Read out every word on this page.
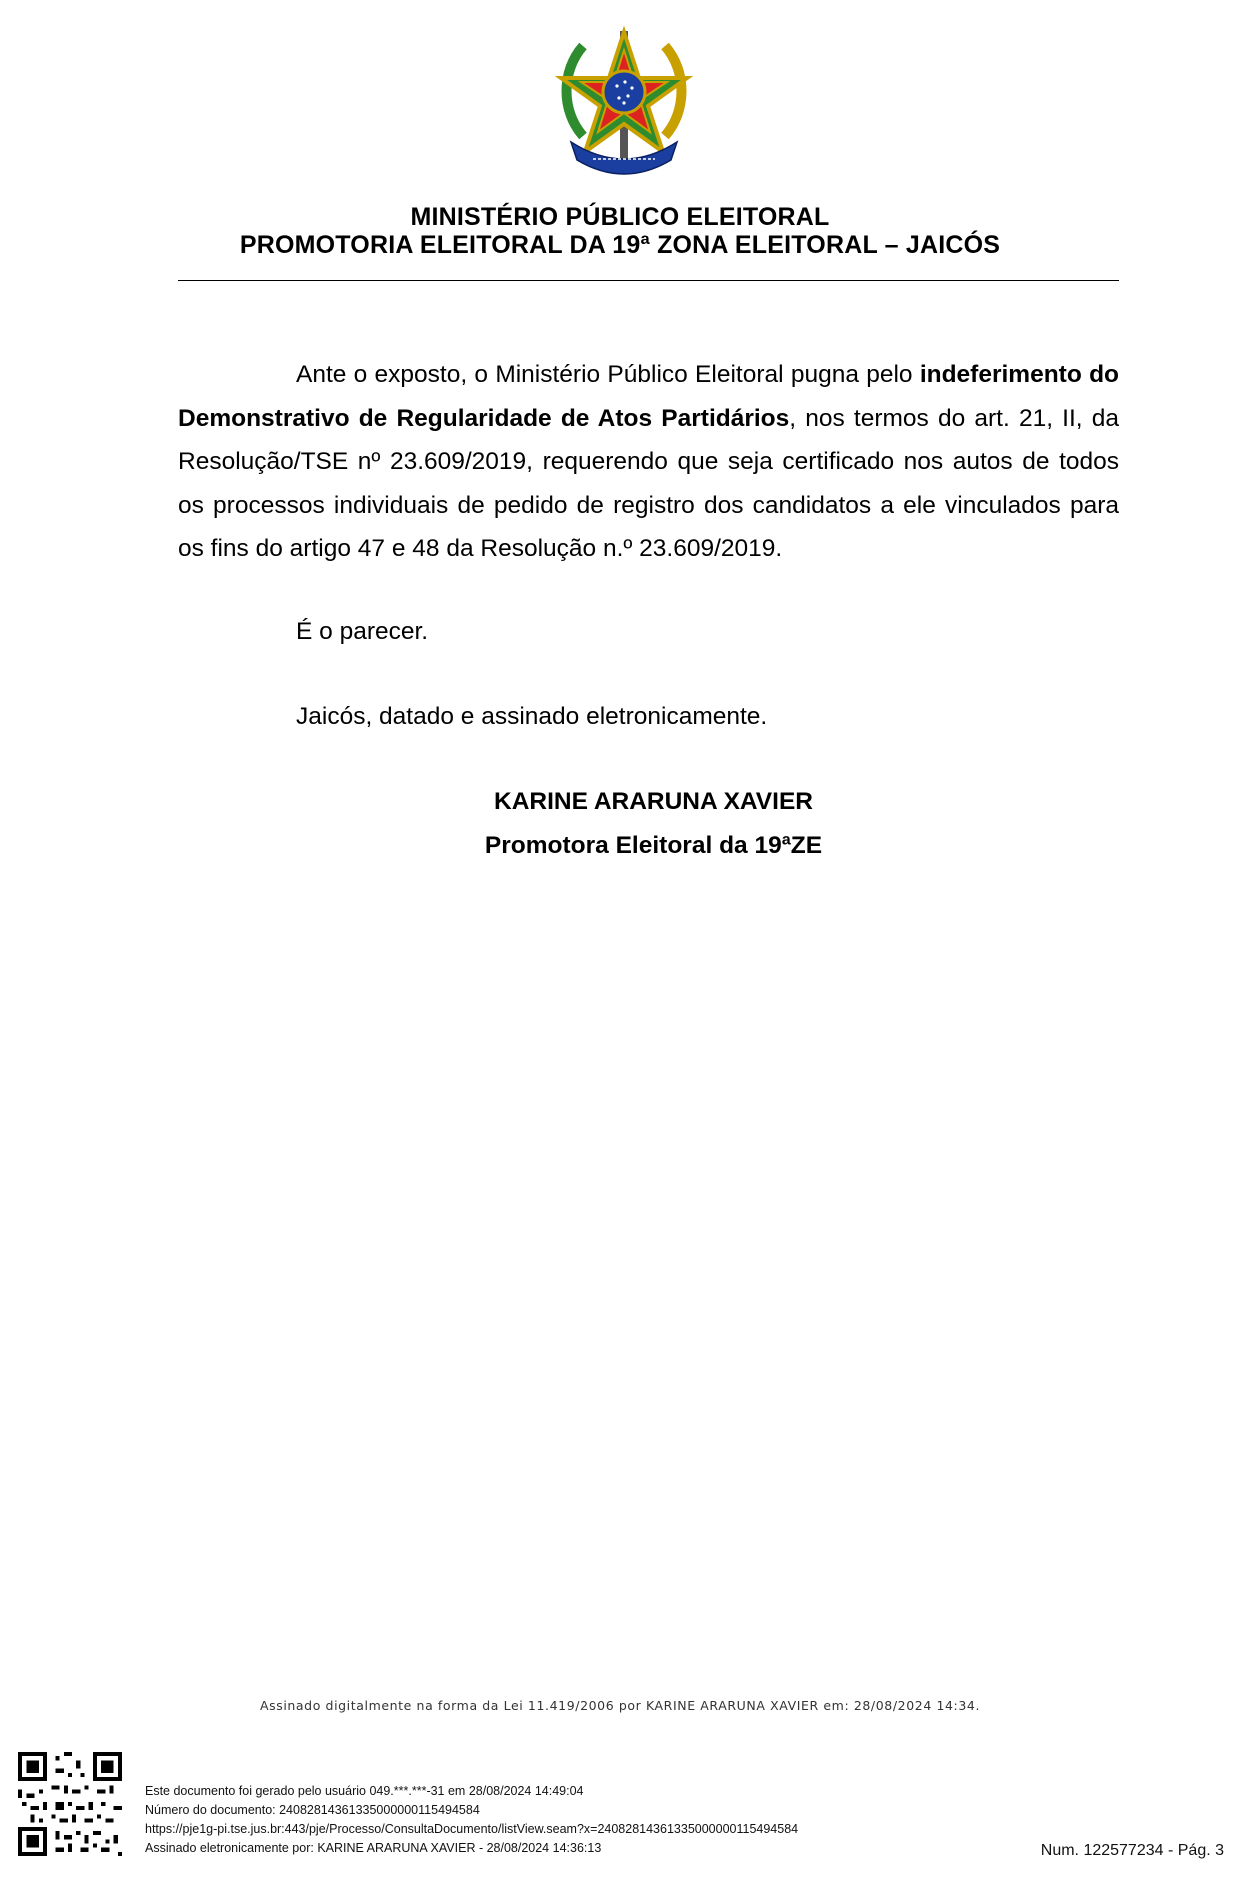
MINISTÉRIO PÚBLICO ELEITORAL
PROMOTORIA ELEITORAL DA 19ª ZONA ELEITORAL – JAICÓS

Ante o exposto, o Ministério Público Eleitoral pugna pelo indeferimento do Demonstrativo de Regularidade de Atos Partidários, nos termos do art. 21, II, da Resolução/TSE nº 23.609/2019, requerendo que seja certificado nos autos de todos os processos individuais de pedido de registro dos candidatos a ele vinculados para os fins do artigo 47 e 48 da Resolução n.º 23.609/2019.

É o parecer.
Jaicós, datado e assinado eletronicamente.
KARINE ARARUNA XAVIER
Promotora Eleitoral da 19ªZE
Assinado digitalmente na forma da Lei 11.419/2006 por KARINE ARARUNA XAVIER em: 28/08/2024 14:34.
Este documento foi gerado pelo usuário 049.***.***-31 em 28/08/2024 14:49:04
Número do documento: 24082814361335000000115494584
https://pje1g-pi.tse.jus.br:443/pje/Processo/ConsultaDocumento/listView.seam?x=24082814361335000000115494584
Assinado eletronicamente por: KARINE ARARUNA XAVIER - 28/08/2024 14:36:13	Num. 122577234 - Pág. 3
